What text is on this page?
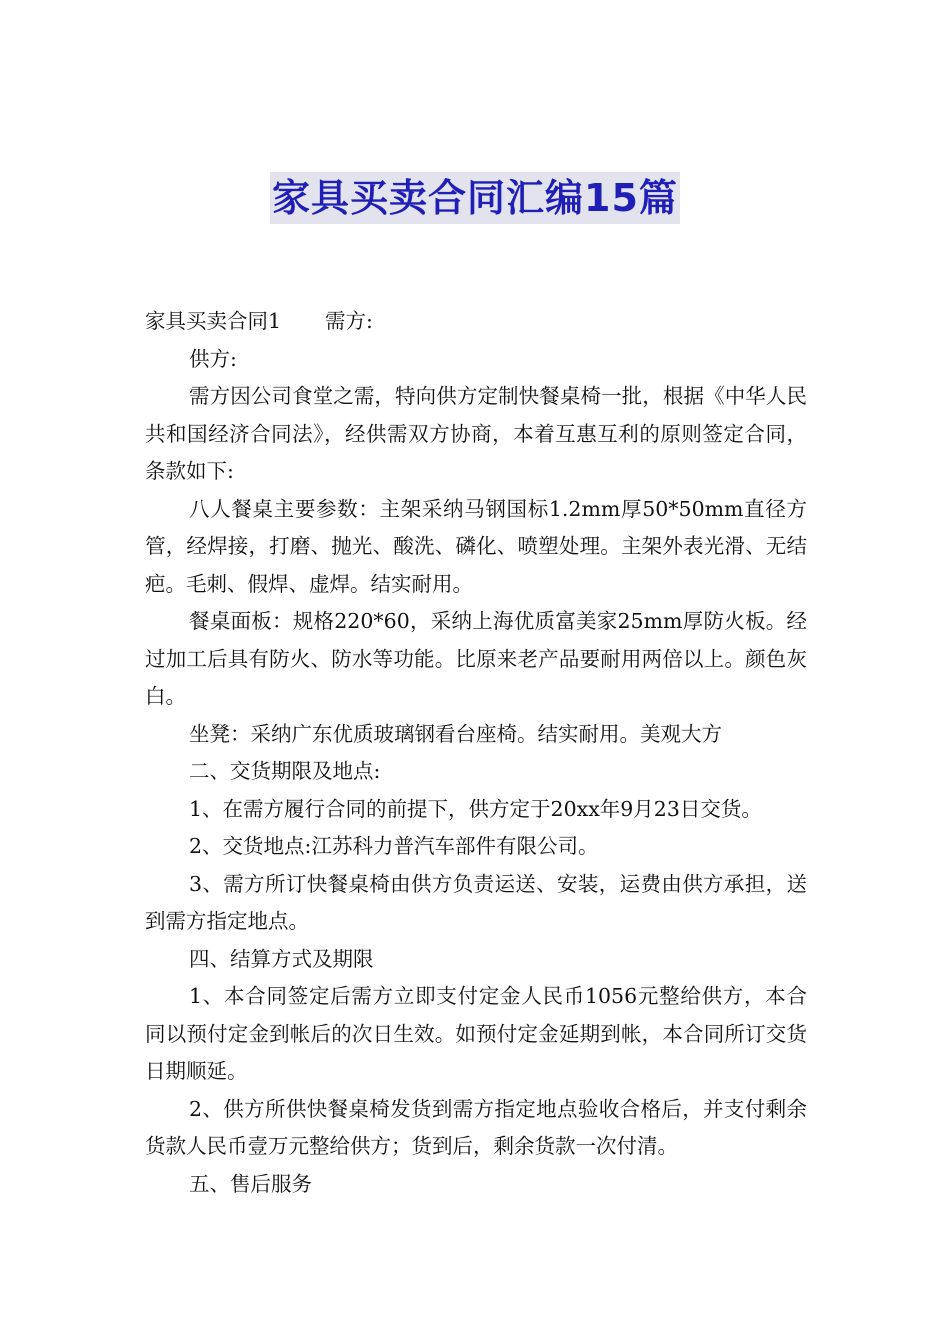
家具买卖合同汇编15篇

家具买卖合同1 需方:

供方:

需方因公司食堂之需，特向供方定制快餐桌椅一批，根据《中华人民共和国经济合同法》，经供需双方协商，本着互惠互利的原则签定合同，条款如下:

八人餐桌主要参数：主架采纳马钢国标1.2mm厚50*50mm直径方管，经焊接，打磨、抛光、酸洗、磷化、喷塑处理。主架外表光滑、无结疤。毛刺、假焊、虚焊。结实耐用。

餐桌面板：规格220*60，采纳上海优质富美家25mm厚防火板。经过加工后具有防火、防水等功能。比原来老产品要耐用两倍以上。颜色灰白。

坐凳：采纳广东优质玻璃钢看台座椅。结实耐用。美观大方

二、交货期限及地点:

1、在需方履行合同的前提下，供方定于20xx年9月23日交货。

2、交货地点:江苏科力普汽车部件有限公司。

3、需方所订快餐桌椅由供方负责运送、安装，运费由供方承担，送到需方指定地点。

四、结算方式及期限

1、本合同签定后需方立即支付定金人民币1056元整给供方，本合同以预付定金到帐后的次日生效。如预付定金延期到帐，本合同所订交货日期顺延。

2、供方所供快餐桌椅发货到需方指定地点验收合格后，并支付剩余货款人民币壹万元整给供方；货到后，剩余货款一次付清。

五、售后服务
